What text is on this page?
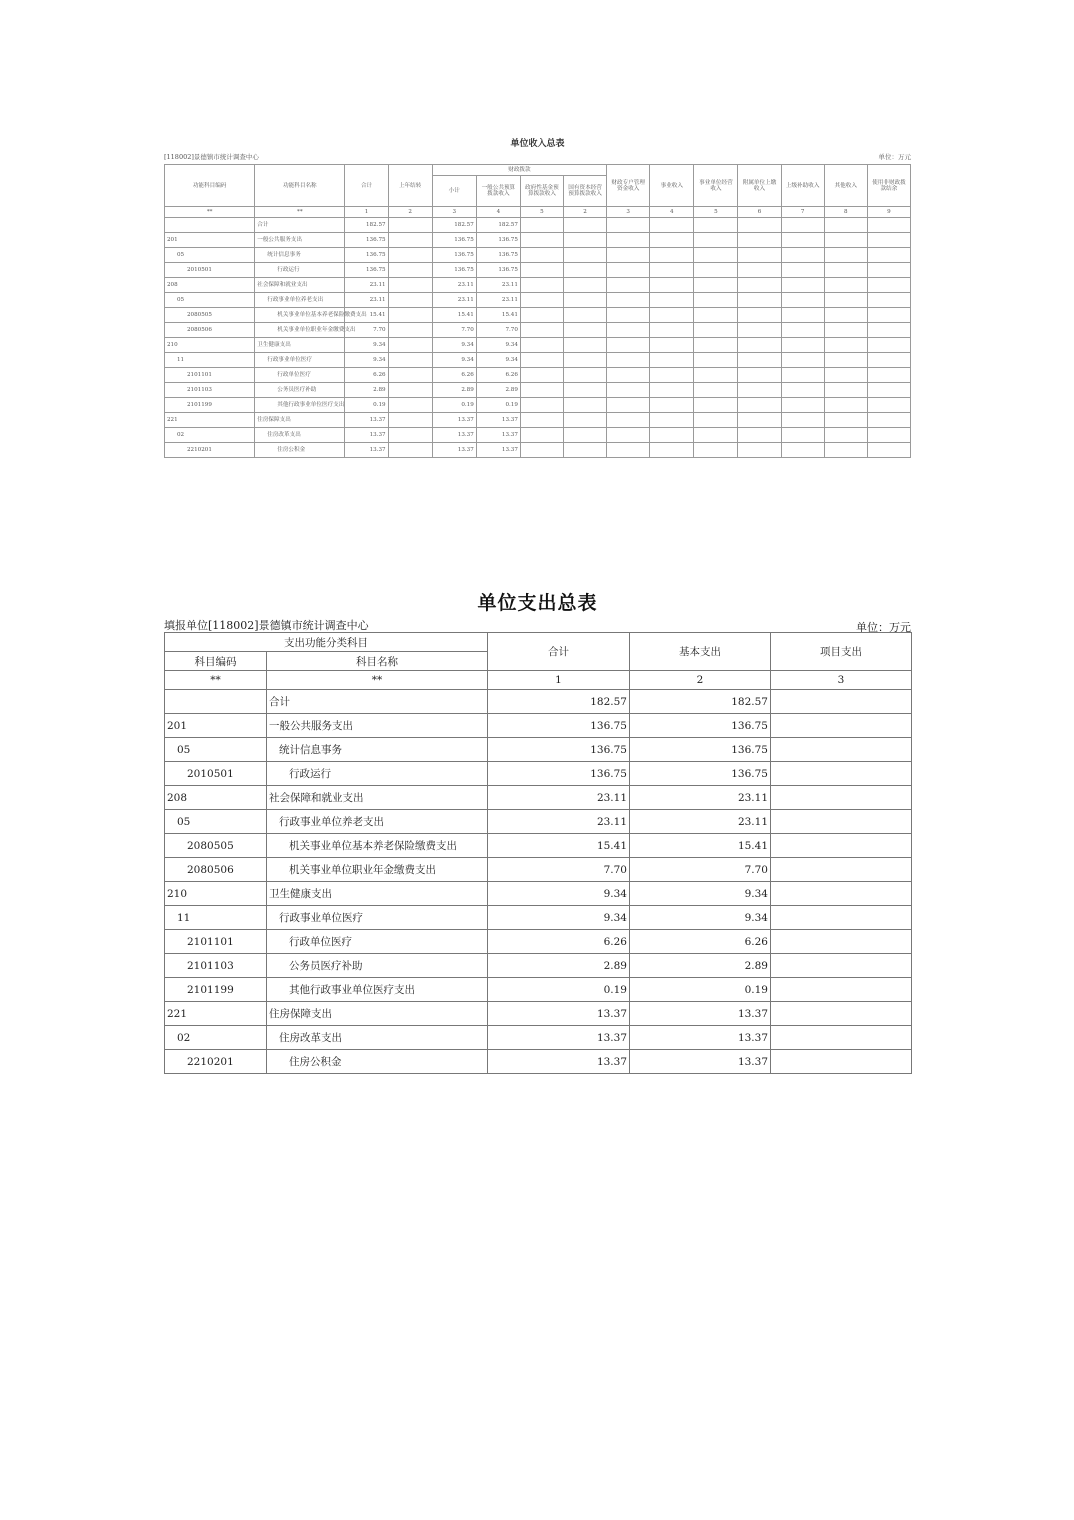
单位收入总表
[118002]景德镇市统计调查中心	单位：万元
功能科目编码	功能科目名称	合计	上年结转	财政拨款				财政专户管理资金收入	事业收入	事业单位经营收入	附属单位上缴收入	上级补助收入	其他收入	使用非财政拨款结余
				小计	一般公共预算拨款收入	政府性基金预算拨款收入	国有资本经营预算拨款收入							
**	**	1	2	3	4	5	2	3	4	5	6	7	8	9
	合计	182.57		182.57	182.57									
201	一般公共服务支出	136.75		136.75	136.75									
05	统计信息事务	136.75		136.75	136.75									
2010501	行政运行	136.75		136.75	136.75									
208	社会保障和就业支出	23.11		23.11	23.11									
05	行政事业单位养老支出	23.11		23.11	23.11									
2080505	机关事业单位基本养老保险缴费支出	15.41		15.41	15.41									
2080506	机关事业单位职业年金缴费支出	7.70		7.70	7.70									
210	卫生健康支出	9.34		9.34	9.34									
11	行政事业单位医疗	9.34		9.34	9.34									
2101101	行政单位医疗	6.26		6.26	6.26									
2101103	公务员医疗补助	2.89		2.89	2.89									
2101199	其他行政事业单位医疗支出	0.19		0.19	0.19									
221	住房保障支出	13.37		13.37	13.37									
02	住房改革支出	13.37		13.37	13.37									
2210201	住房公积金	13.37		13.37	13.37									
单位支出总表
填报单位[118002]景德镇市统计调查中心	单位：万元
支出功能分类科目		合计	基本支出	项目支出
科目编码	科目名称			
**	**	1	2	3
	合计	182.57	182.57	
201	一般公共服务支出	136.75	136.75	
05	统计信息事务	136.75	136.75	
2010501	行政运行	136.75	136.75	
208	社会保障和就业支出	23.11	23.11	
05	行政事业单位养老支出	23.11	23.11	
2080505	机关事业单位基本养老保险缴费支出	15.41	15.41	
2080506	机关事业单位职业年金缴费支出	7.70	7.70	
210	卫生健康支出	9.34	9.34	
11	行政事业单位医疗	9.34	9.34	
2101101	行政单位医疗	6.26	6.26	
2101103	公务员医疗补助	2.89	2.89	
2101199	其他行政事业单位医疗支出	0.19	0.19	
221	住房保障支出	13.37	13.37	
02	住房改革支出	13.37	13.37	
2210201	住房公积金	13.37	13.37	
